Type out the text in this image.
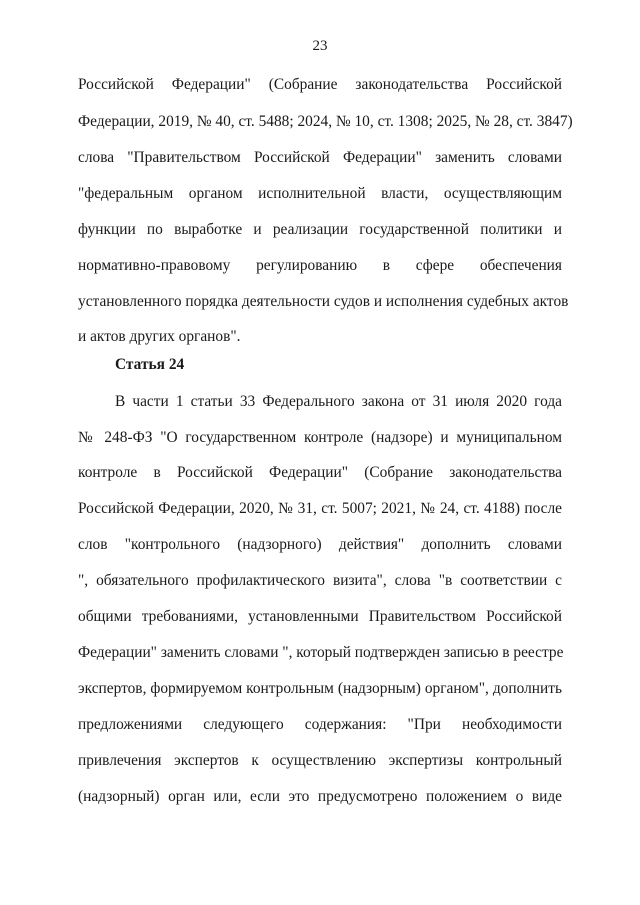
23
Российской Федерации" (Собрание законодательства Российской
Федерации, 2019, № 40, ст. 5488; 2024, № 10, ст. 1308; 2025, № 28, ст. 3847)
слова "Правительством Российской Федерации" заменить словами
"федеральным органом исполнительной власти, осуществляющим
функции по выработке и реализации государственной политики и
нормативно-правовому регулированию в сфере обеспечения
установленного порядка деятельности судов и исполнения судебных актов
и актов других органов".
Статья 24
В части 1 статьи 33 Федерального закона от 31 июля 2020 года
№ 248-ФЗ "О государственном контроле (надзоре) и муниципальном
контроле в Российской Федерации" (Собрание законодательства
Российской Федерации, 2020, № 31, ст. 5007; 2021, № 24, ст. 4188) после
слов "контрольного (надзорного) действия" дополнить словами
", обязательного профилактического визита", слова "в соответствии с
общими требованиями, установленными Правительством Российской
Федерации" заменить словами ", который подтвержден записью в реестре
экспертов, формируемом контрольным (надзорным) органом", дополнить
предложениями следующего содержания: "При необходимости
привлечения экспертов к осуществлению экспертизы контрольный
(надзорный) орган или, если это предусмотрено положением о виде
